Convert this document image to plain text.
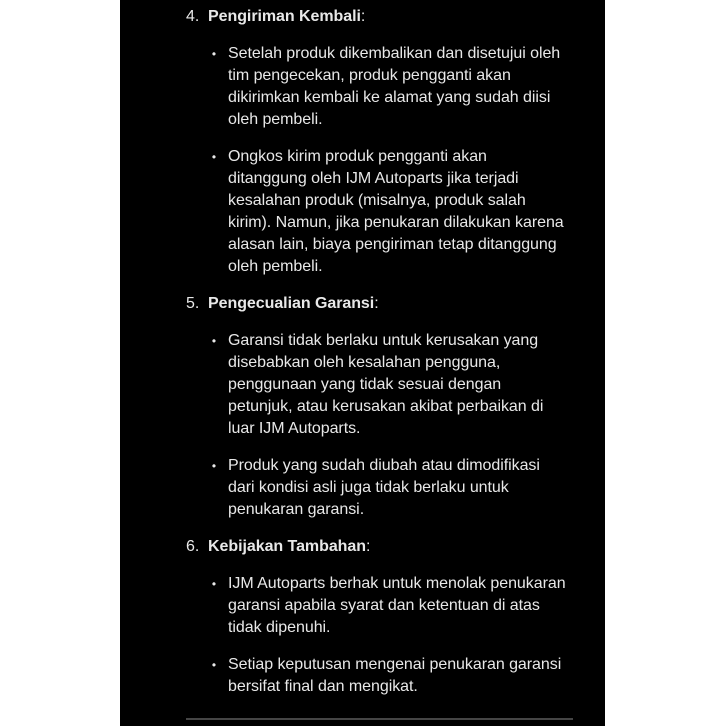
4. Pengiriman Kembali:
• Setelah produk dikembalikan dan disetujui oleh tim pengecekan, produk pengganti akan dikirimkan kembali ke alamat yang sudah diisi oleh pembeli.

• Ongkos kirim produk pengganti akan ditanggung oleh IJM Autoparts jika terjadi kesalahan produk (misalnya, produk salah kirim). Namun, jika penukaran dilakukan karena alasan lain, biaya pengiriman tetap ditanggung oleh pembeli.

5. Pengecualian Garansi:
• Garansi tidak berlaku untuk kerusakan yang disebabkan oleh kesalahan pengguna, penggunaan yang tidak sesuai dengan petunjuk, atau kerusakan akibat perbaikan di luar IJM Autoparts.

• Produk yang sudah diubah atau dimodifikasi dari kondisi asli juga tidak berlaku untuk penukaran garansi.

6. Kebijakan Tambahan:
• IJM Autoparts berhak untuk menolak penukaran garansi apabila syarat dan ketentuan di atas tidak dipenuhi.

• Setiap keputusan mengenai penukaran garansi bersifat final dan mengikat.
